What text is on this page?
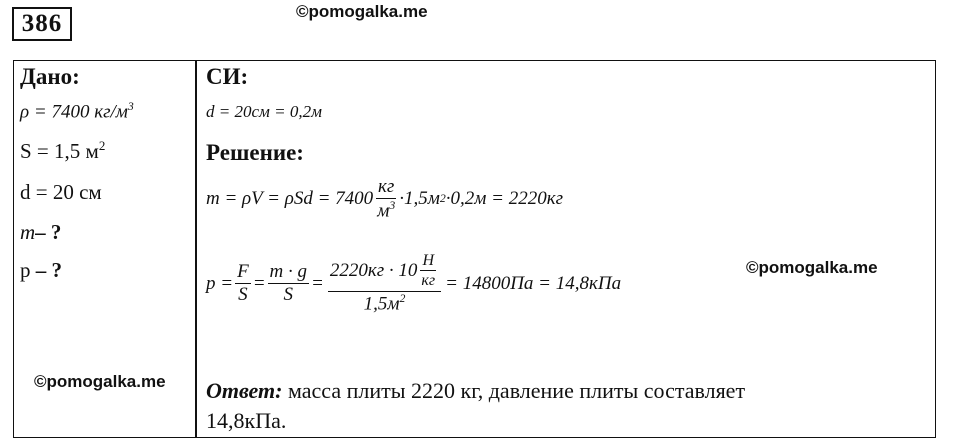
386	©pomogalka.me
Дано:
ρ = 7400 $кг/м^3$
S = 1,5 $м^2$
d = 20 см
m– ?
p – ?
©pomogalka.me
СИ:
d = 20см = 0,2м
Решение:
$m = \rho V = \rho Sd = 7400 \frac{кг}{м^3} \cdot 1,5м$ 2 ·0,2м = 2220кг
$p = \frac{F}{S} = \frac{m \cdot g}{S} = \frac{2220кг \cdot 10 \frac{Н}{кг}}{1,5м^2} = 14800Па = 14,8кПа$
©pomogalka.me
Ответ: масса плиты 2220 кг, давление плиты составляет
14,8кПа.
